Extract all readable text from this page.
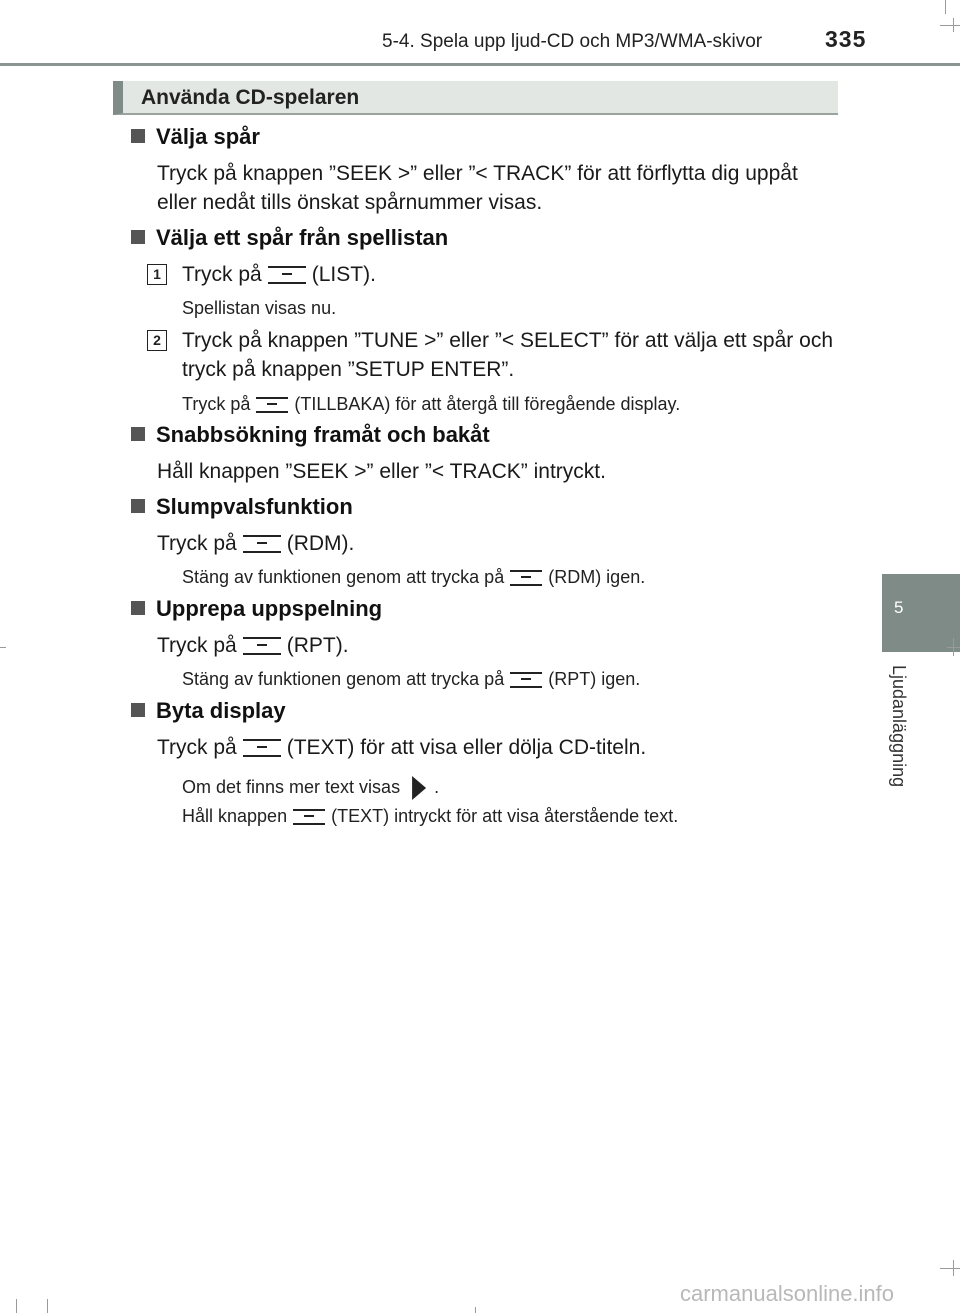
5-4. Spela upp ljud-CD och MP3/WMA-skivor	335
5
Ljudanläggning
Använda CD-spelaren
Välja spår
Tryck på knappen ”SEEK >” eller ”< TRACK” för att förflytta dig uppåt eller nedåt tills önskat spårnummer visas.
Välja ett spår från spellistan
1 Tryck på (LIST).
Spellistan visas nu.
2 Tryck på knappen ”TUNE >” eller ”< SELECT” för att välja ett spår och tryck på knappen ”SETUP ENTER”.
Tryck på (TILLBAKA) för att återgå till föregående display.
Snabbsökning framåt och bakåt
Håll knappen ”SEEK >” eller ”< TRACK” intryckt.
Slumpvalsfunktion
Tryck på (RDM).
Stäng av funktionen genom att trycka på (RDM) igen.
Upprepa uppspelning
Tryck på (RPT).
Stäng av funktionen genom att trycka på (RPT) igen.
Byta display
Tryck på (TEXT) för att visa eller dölja CD-titeln.
Om det finns mer text visas .
Håll knappen (TEXT) intryckt för att visa återstående text.
carmanualsonline.info
